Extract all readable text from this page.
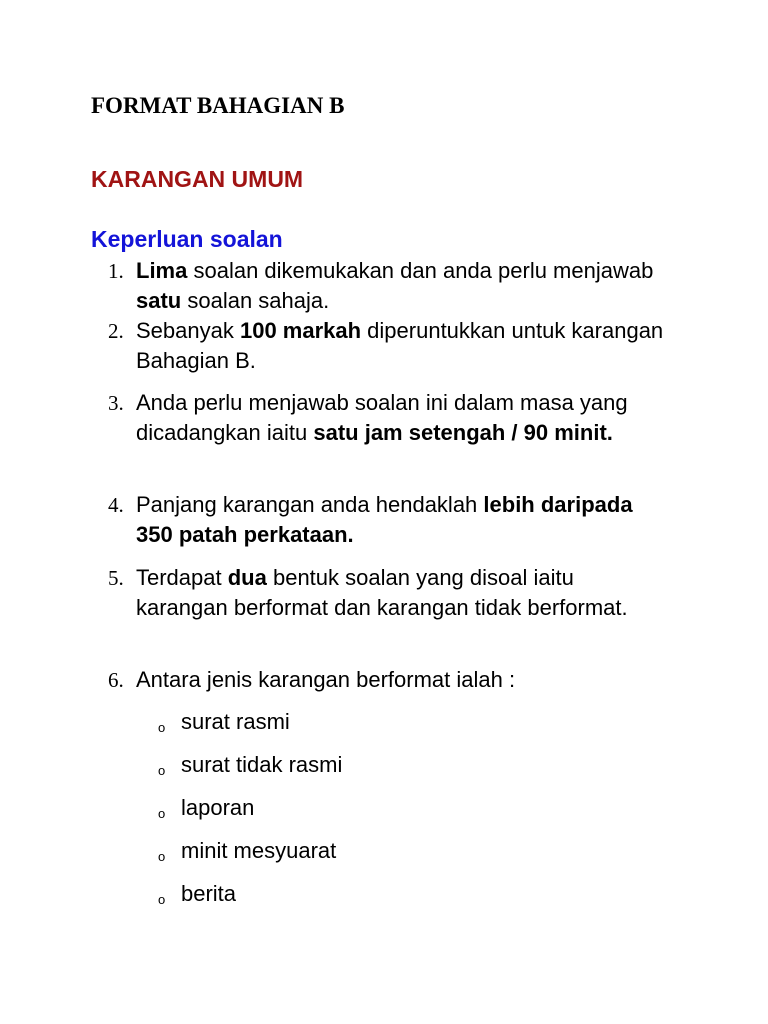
FORMAT BAHAGIAN B
KARANGAN UMUM
Keperluan soalan
1. Lima soalan dikemukakan dan anda perlu menjawab satu soalan sahaja.
2. Sebanyak 100 markah diperuntukkan untuk karangan Bahagian B.
3. Anda perlu menjawab soalan ini dalam masa yang dicadangkan iaitu satu jam setengah / 90 minit.
4. Panjang karangan anda hendaklah lebih daripada 350 patah perkataan.
5. Terdapat dua bentuk soalan yang disoal iaitu karangan berformat dan karangan tidak berformat.
6. Antara jenis karangan berformat ialah :
o surat rasmi
o surat tidak rasmi
o laporan
o minit mesyuarat
o berita
